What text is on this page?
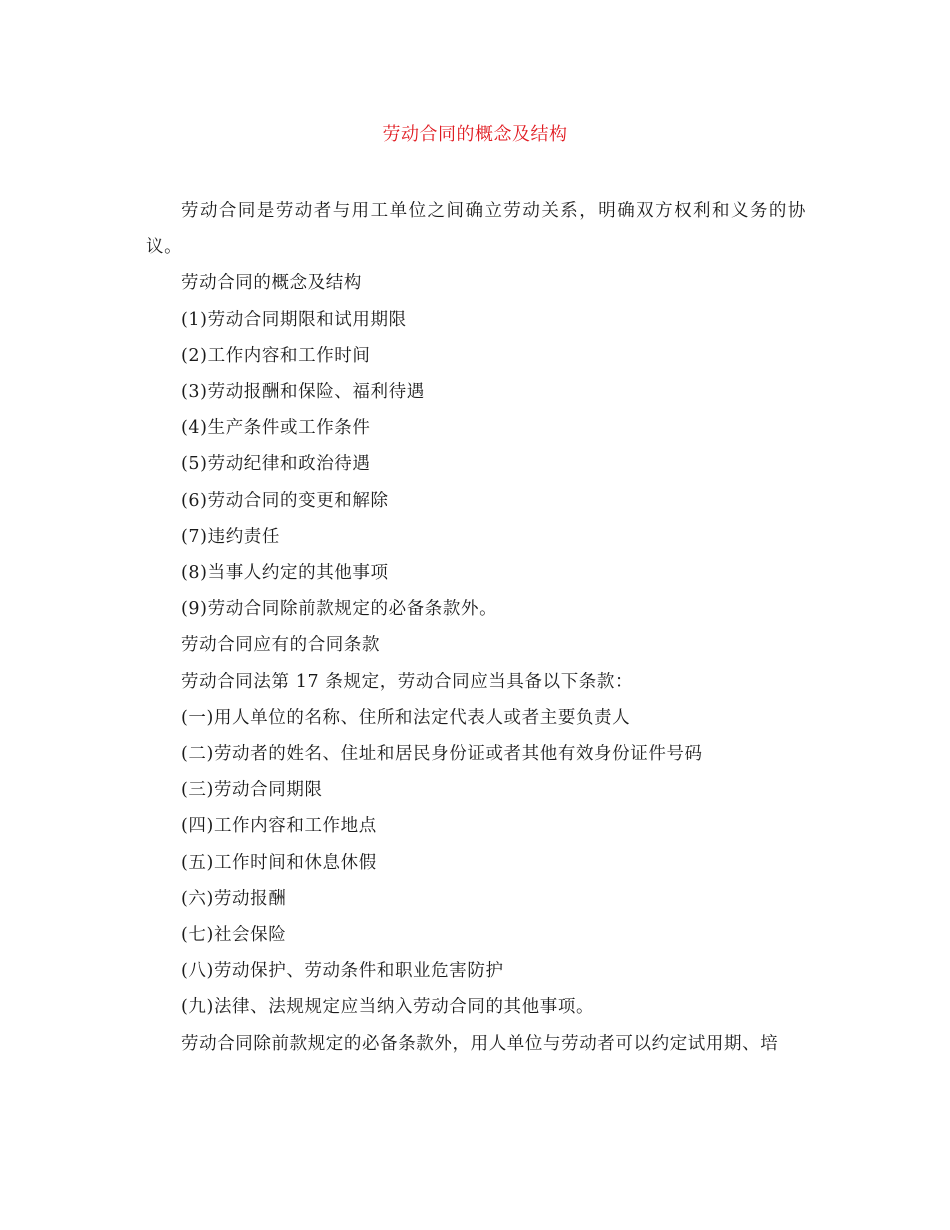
劳动合同的概念及结构

劳动合同是劳动者与用工单位之间确立劳动关系，明确双方权利和义务的协议。

劳动合同的概念及结构

(1)劳动合同期限和试用期限

(2)工作内容和工作时间

(3)劳动报酬和保险、福利待遇

(4)生产条件或工作条件

(5)劳动纪律和政治待遇

(6)劳动合同的变更和解除

(7)违约责任

(8)当事人约定的其他事项

(9)劳动合同除前款规定的必备条款外。

劳动合同应有的合同条款

劳动合同法第 17 条规定，劳动合同应当具备以下条款：

(一)用人单位的名称、住所和法定代表人或者主要负责人

(二)劳动者的姓名、住址和居民身份证或者其他有效身份证件号码

(三)劳动合同期限

(四)工作内容和工作地点

(五)工作时间和休息休假

(六)劳动报酬

(七)社会保险

(八)劳动保护、劳动条件和职业危害防护

(九)法律、法规规定应当纳入劳动合同的其他事项。

劳动合同除前款规定的必备条款外，用人单位与劳动者可以约定试用期、培
